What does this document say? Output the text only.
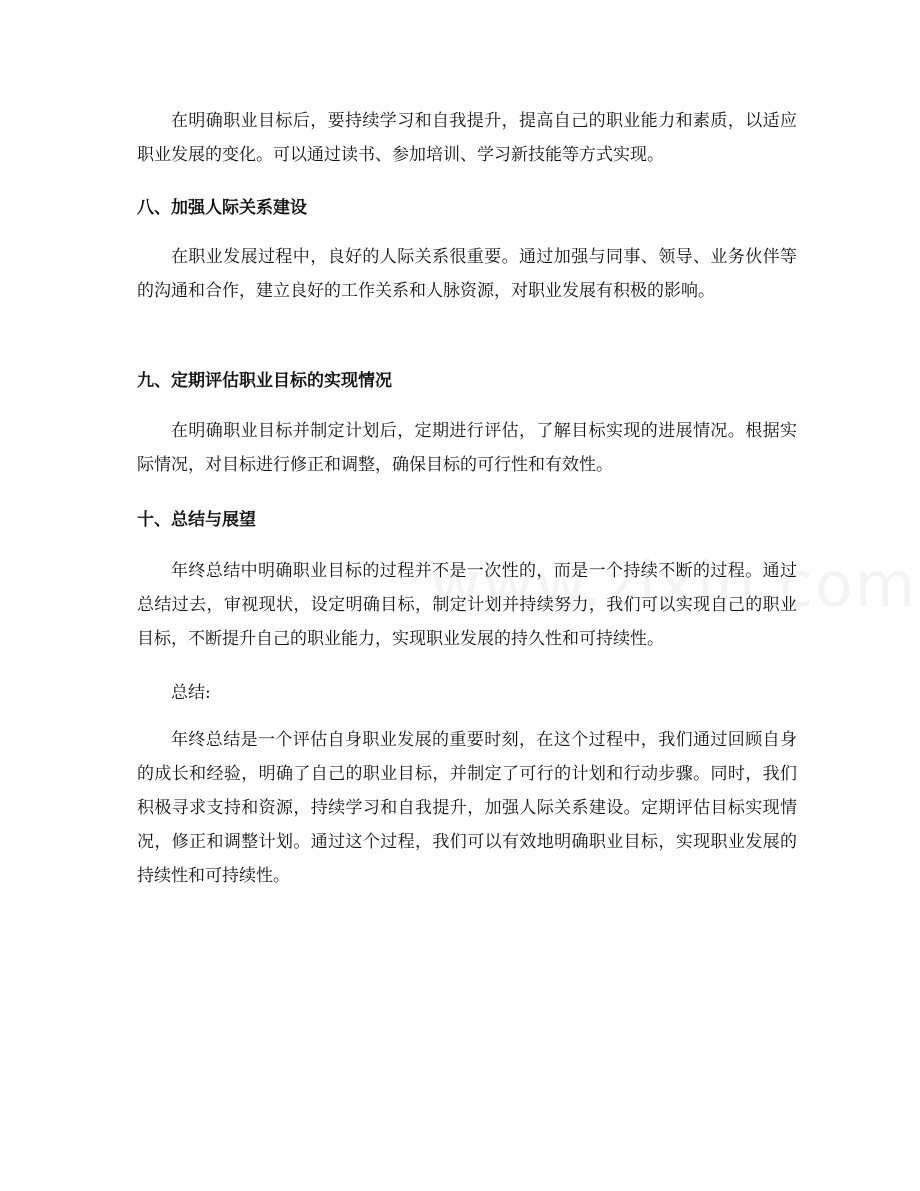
在明确职业目标后，要持续学习和自我提升，提高自己的职业能力和素质，以适应职业发展的变化。可以通过读书、参加培训、学习新技能等方式实现。

八、加强人际关系建设

在职业发展过程中，良好的人际关系很重要。通过加强与同事、领导、业务伙伴等的沟通和合作，建立良好的工作关系和人脉资源，对职业发展有积极的影响。

九、定期评估职业目标的实现情况

在明确职业目标并制定计划后，定期进行评估，了解目标实现的进展情况。根据实际情况，对目标进行修正和调整，确保目标的可行性和有效性。

十、总结与展望

年终总结中明确职业目标的过程并不是一次性的，而是一个持续不断的过程。通过总结过去，审视现状，设定明确目标，制定计划并持续努力，我们可以实现自己的职业目标，不断提升自己的职业能力，实现职业发展的持久性和可持续性。

总结:

年终总结是一个评估自身职业发展的重要时刻，在这个过程中，我们通过回顾自身的成长和经验，明确了自己的职业目标，并制定了可行的计划和行动步骤。同时，我们积极寻求支持和资源，持续学习和自我提升，加强人际关系建设。定期评估目标实现情况，修正和调整计划。通过这个过程，我们可以有效地明确职业目标，实现职业发展的持续性和可持续性。
